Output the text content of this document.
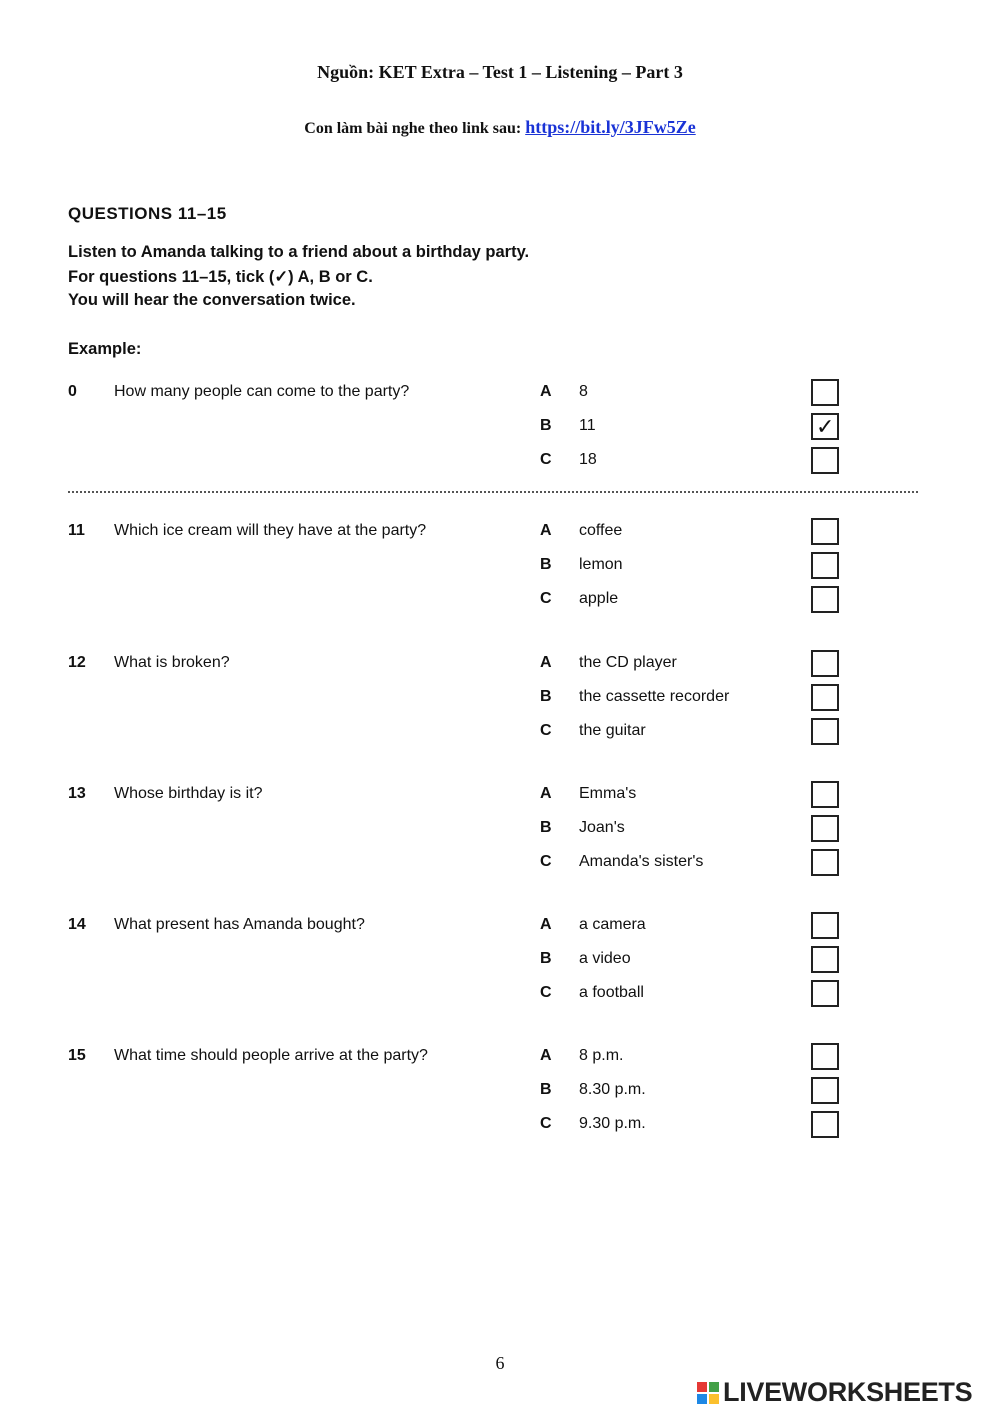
Nguồn: KET Extra – Test 1 – Listening – Part 3
Con làm bài nghe theo link sau: https://bit.ly/3JFw5Ze
QUESTIONS 11–15
Listen to Amanda talking to a friend about a birthday party.
For questions 11–15, tick (✓) A, B or C.
You will hear the conversation twice.
Example:
0 How many people can come to the party?	A 8
B 11	✓
C 18
11 Which ice cream will they have at the party?	A coffee
B lemon
C apple
12 What is broken?	A the CD player
B the cassette recorder
C the guitar
13 Whose birthday is it?	A Emma's
B Joan's
C Amanda's sister's
14 What present has Amanda bought?	A a camera
B a video
C a football
15 What time should people arrive at the party?	A 8 p.m.
B 8.30 p.m.
C 9.30 p.m.
6
LIVEWORKSHEETS
